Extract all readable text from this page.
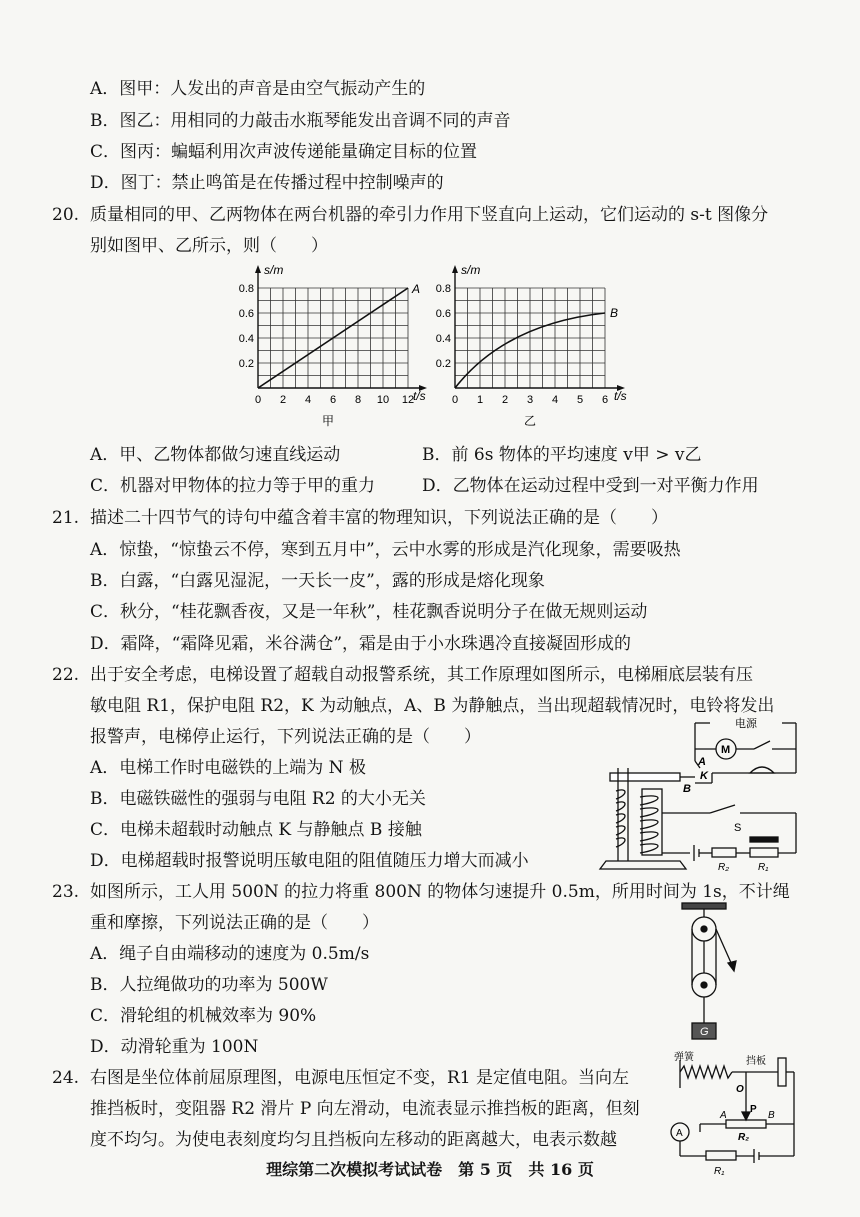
A．图甲：人发出的声音是由空气振动产生的
B．图乙：用相同的力敲击水瓶琴能发出音调不同的声音
C．图丙：蝙蝠利用次声波传递能量确定目标的位置
D．图丁：禁止鸣笛是在传播过程中控制噪声的
20. 质量相同的甲、乙两物体在两台机器的牵引力作用下竖直向上运动，它们运动的 s-t 图像分
别如图甲、乙所示，则（　　）
s/m
t/s
A
0.8
0.6
0.4
0.2
0 2 4 6 8 10 12
甲
s/m
t/s
B
0.8
0.6
0.4
0.2
0 1 2 3 4 5 6
乙
A．甲、乙物体都做匀速直线运动	B．前 6s 物体的平均速度 v甲 > v乙
C．机器对甲物体的拉力等于甲的重力	D．乙物体在运动过程中受到一对平衡力作用
21. 描述二十四节气的诗句中蕴含着丰富的物理知识，下列说法正确的是（　　）
A．惊蛰，“惊蛰云不停，寒到五月中”，云中水雾的形成是汽化现象，需要吸热
B．白露，“白露见湿泥，一天长一皮”，露的形成是熔化现象
C．秋分，“桂花飘香夜，又是一年秋”，桂花飘香说明分子在做无规则运动
D．霜降，“霜降见霜，米谷满仓”，霜是由于小水珠遇冷直接凝固形成的
22. 出于安全考虑，电梯设置了超载自动报警系统，其工作原理如图所示，电梯厢底层装有压
敏电阻 R1，保护电阻 R2，K 为动触点，A、B 为静触点，当出现超载情况时，电铃将发出
报警声，电梯停止运行，下列说法正确的是（　　）
A．电梯工作时电磁铁的上端为 N 极
B．电磁铁磁性的强弱与电阻 R2 的大小无关
C．电梯未超载时动触点 K 与静触点 B 接触
D．电梯超载时报警说明压敏电阻的阻值随压力增大而减小
电源
M
A
K
B
S
R₂	R₁
23. 如图所示，工人用 500N 的拉力将重 800N 的物体匀速提升 0.5m，所用时间为 1s，不计绳
重和摩擦，下列说法正确的是（　　）
A．绳子自由端移动的速度为 0.5m/s
B．人拉绳做功的功率为 500W
C．滑轮组的机械效率为 90%
D．动滑轮重为 100N
G
24. 右图是坐位体前屈原理图，电源电压恒定不变，R1 是定值电阻。当向左
推挡板时，变阻器 R2 滑片 P 向左滑动，电流表显示推挡板的距离，但刻
度不均匀。为使电表刻度均匀且挡板向左移动的距离越大，电表示数越
弹簧	挡板
O
P
A	B
R₂
A
R₁
理综第二次模拟考试试卷　第 5 页　共 16 页
